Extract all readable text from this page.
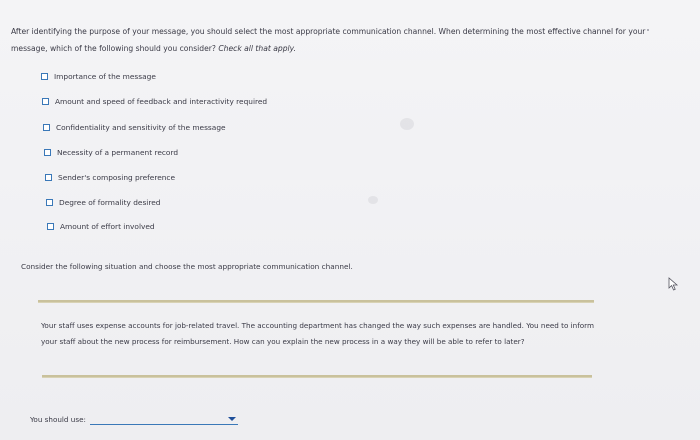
After identifying the purpose of your message, you should select the most appropriate communication channel. When determining the most effective channel for your message, which of the following should you consider? Check all that apply.
Importance of the message
Amount and speed of feedback and interactivity required
Confidentiality and sensitivity of the message
Necessity of a permanent record
Sender's composing preference
Degree of formality desired
Amount of effort involved
Consider the following situation and choose the most appropriate communication channel.
Your staff uses expense accounts for job-related travel. The accounting department has changed the way such expenses are handled. You need to inform your staff about the new process for reimbursement. How can you explain the new process in a way they will be able to refer to later?
You should use:
